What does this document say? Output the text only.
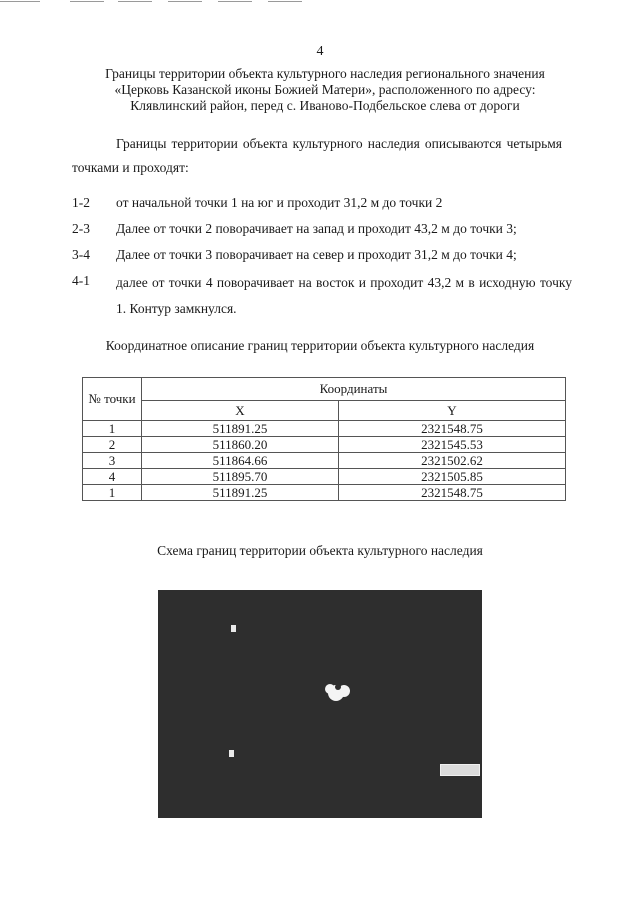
4
Границы территории объекта культурного наследия регионального значения
«Церковь Казанской иконы Божией Матери», расположенного по адресу:
Клявлинский район, перед с. Ивановo-Подбельское слева от дороги
Границы территории объекта культурного наследия описываются четырьмя точками и проходят:
1-2	от начальной точки 1 на юг и проходит 31,2 м до точки 2
2-3	Далее от точки 2 поворачивает на запад и проходит 43,2 м до точки 3;
3-4	Далее от точки 3 поворачивает на север и проходит 31,2 м до точки 4;
4-1	далее от точки 4 поворачивает на восток и проходит 43,2 м в исходную точку 1. Контур замкнулся.
Координатное описание границ территории объекта культурного наследия
№ точки	Координаты	
	X	Y
1	511891.25	2321548.75
2	511860.20	2321545.53
3	511864.66	2321502.62
4	511895.70	2321505.85
1	511891.25	2321548.75
Схема границ территории объекта культурного наследия
